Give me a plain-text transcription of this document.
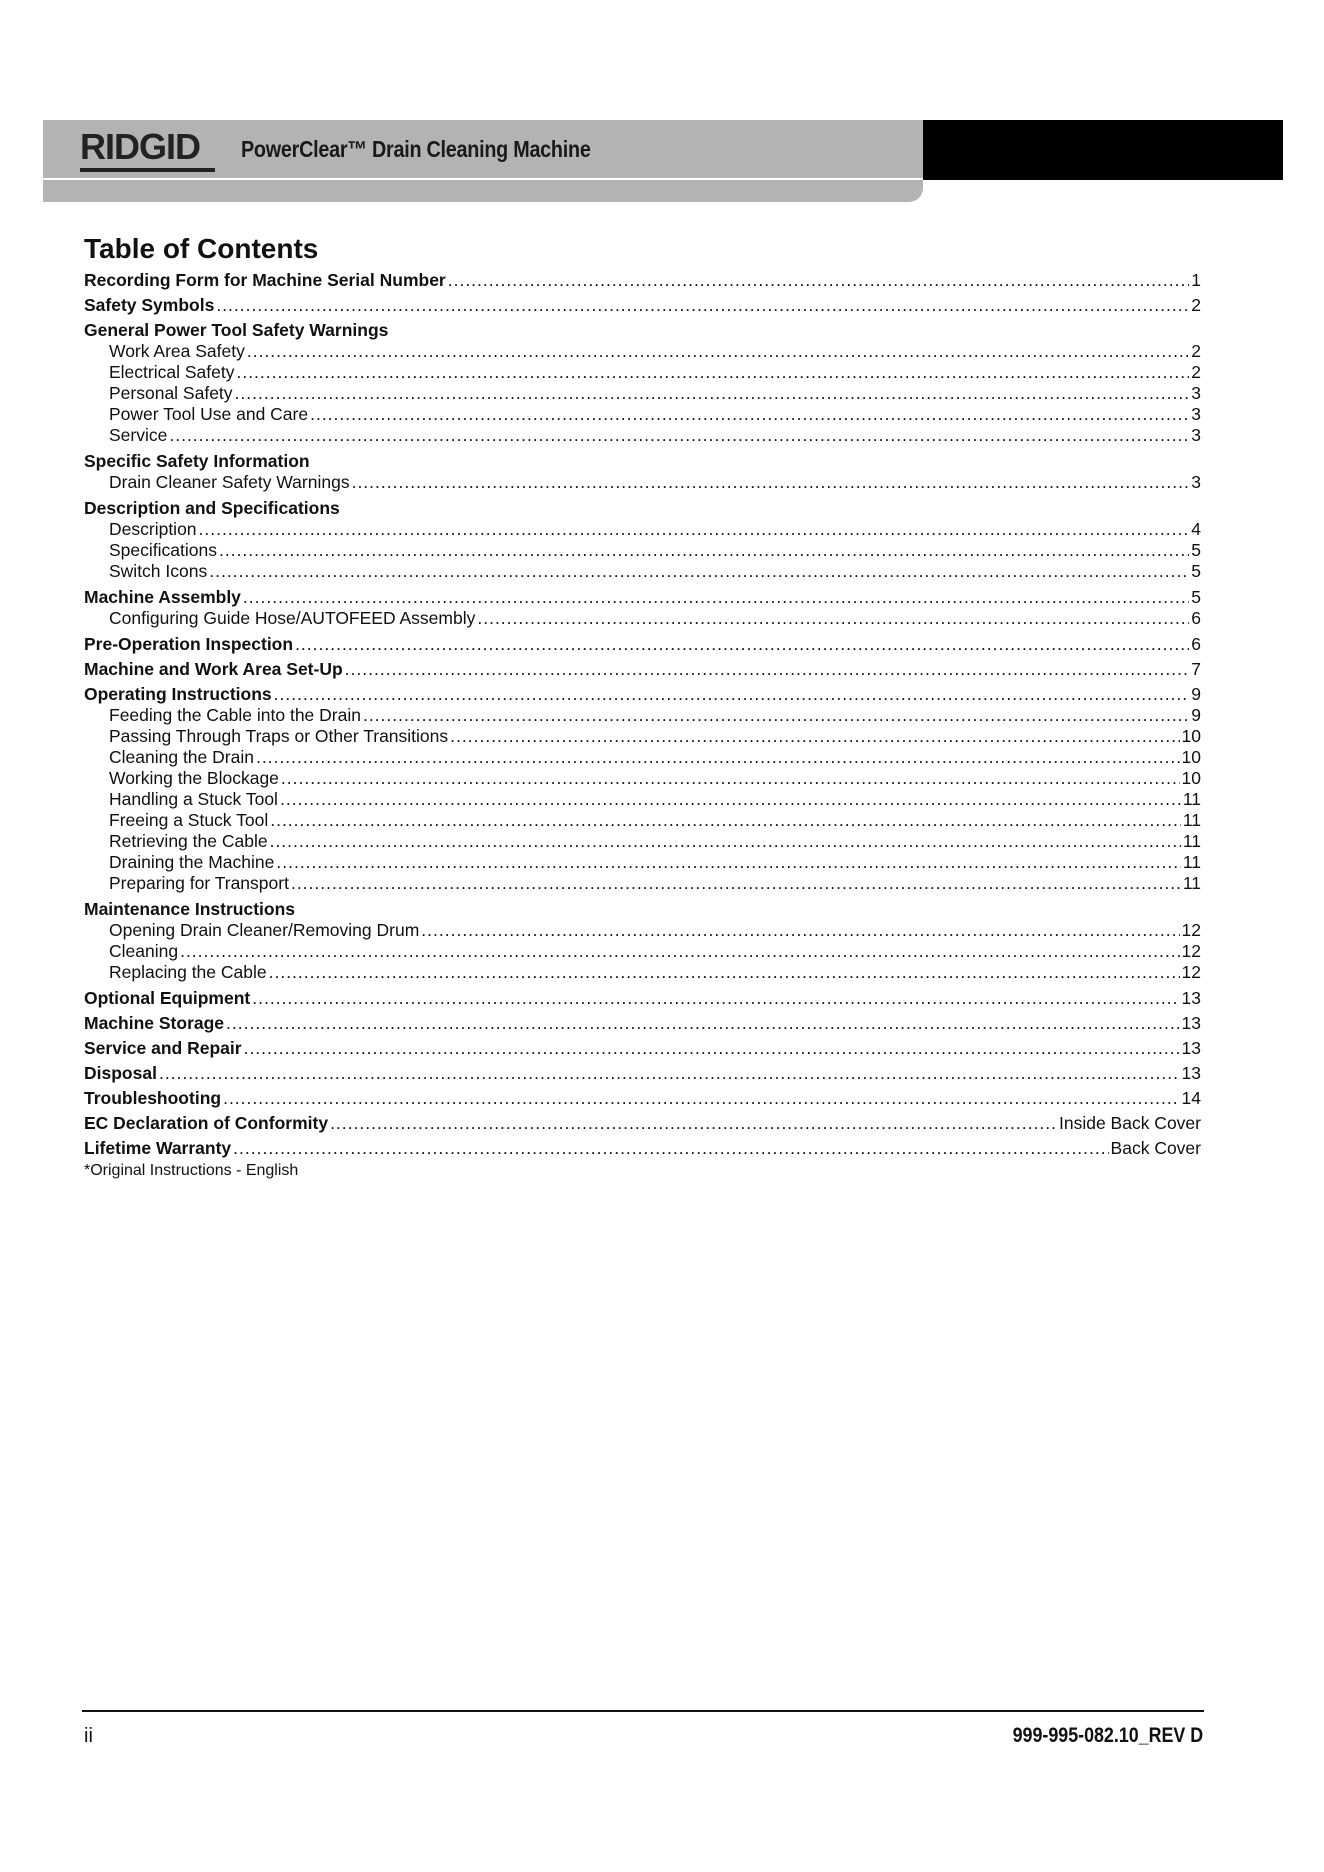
RIDGID PowerClear™ Drain Cleaning Machine
Table of Contents
Recording Form for Machine Serial Number .....	1
Safety Symbols .....	2
General Power Tool Safety Warnings
Work Area Safety .....	2
Electrical Safety .....	2
Personal Safety .....	3
Power Tool Use and Care .....	3
Service .....	3
Specific Safety Information
Drain Cleaner Safety Warnings .....	3
Description and Specifications
Description .....	4
Specifications .....	5
Switch Icons .....	5
Machine Assembly .....	5
Configuring Guide Hose/AUTOFEED Assembly .....	6
Pre-Operation Inspection .....	6
Machine and Work Area Set-Up .....	7
Operating Instructions .....	9
Feeding the Cable into the Drain .....	9
Passing Through Traps or Other Transitions .....	10
Cleaning the Drain .....	10
Working the Blockage .....	10
Handling a Stuck Tool .....	11
Freeing a Stuck Tool .....	11
Retrieving the Cable .....	11
Draining the Machine .....	11
Preparing for Transport .....	11
Maintenance Instructions
Opening Drain Cleaner/Removing Drum .....	12
Cleaning .....	12
Replacing the Cable .....	12
Optional Equipment .....	13
Machine Storage .....	13
Service and Repair .....	13
Disposal .....	13
Troubleshooting .....	14
EC Declaration of Conformity .....	Inside Back Cover
Lifetime Warranty .....	Back Cover
*Original Instructions - English
ii	999-995-082.10_REV D
